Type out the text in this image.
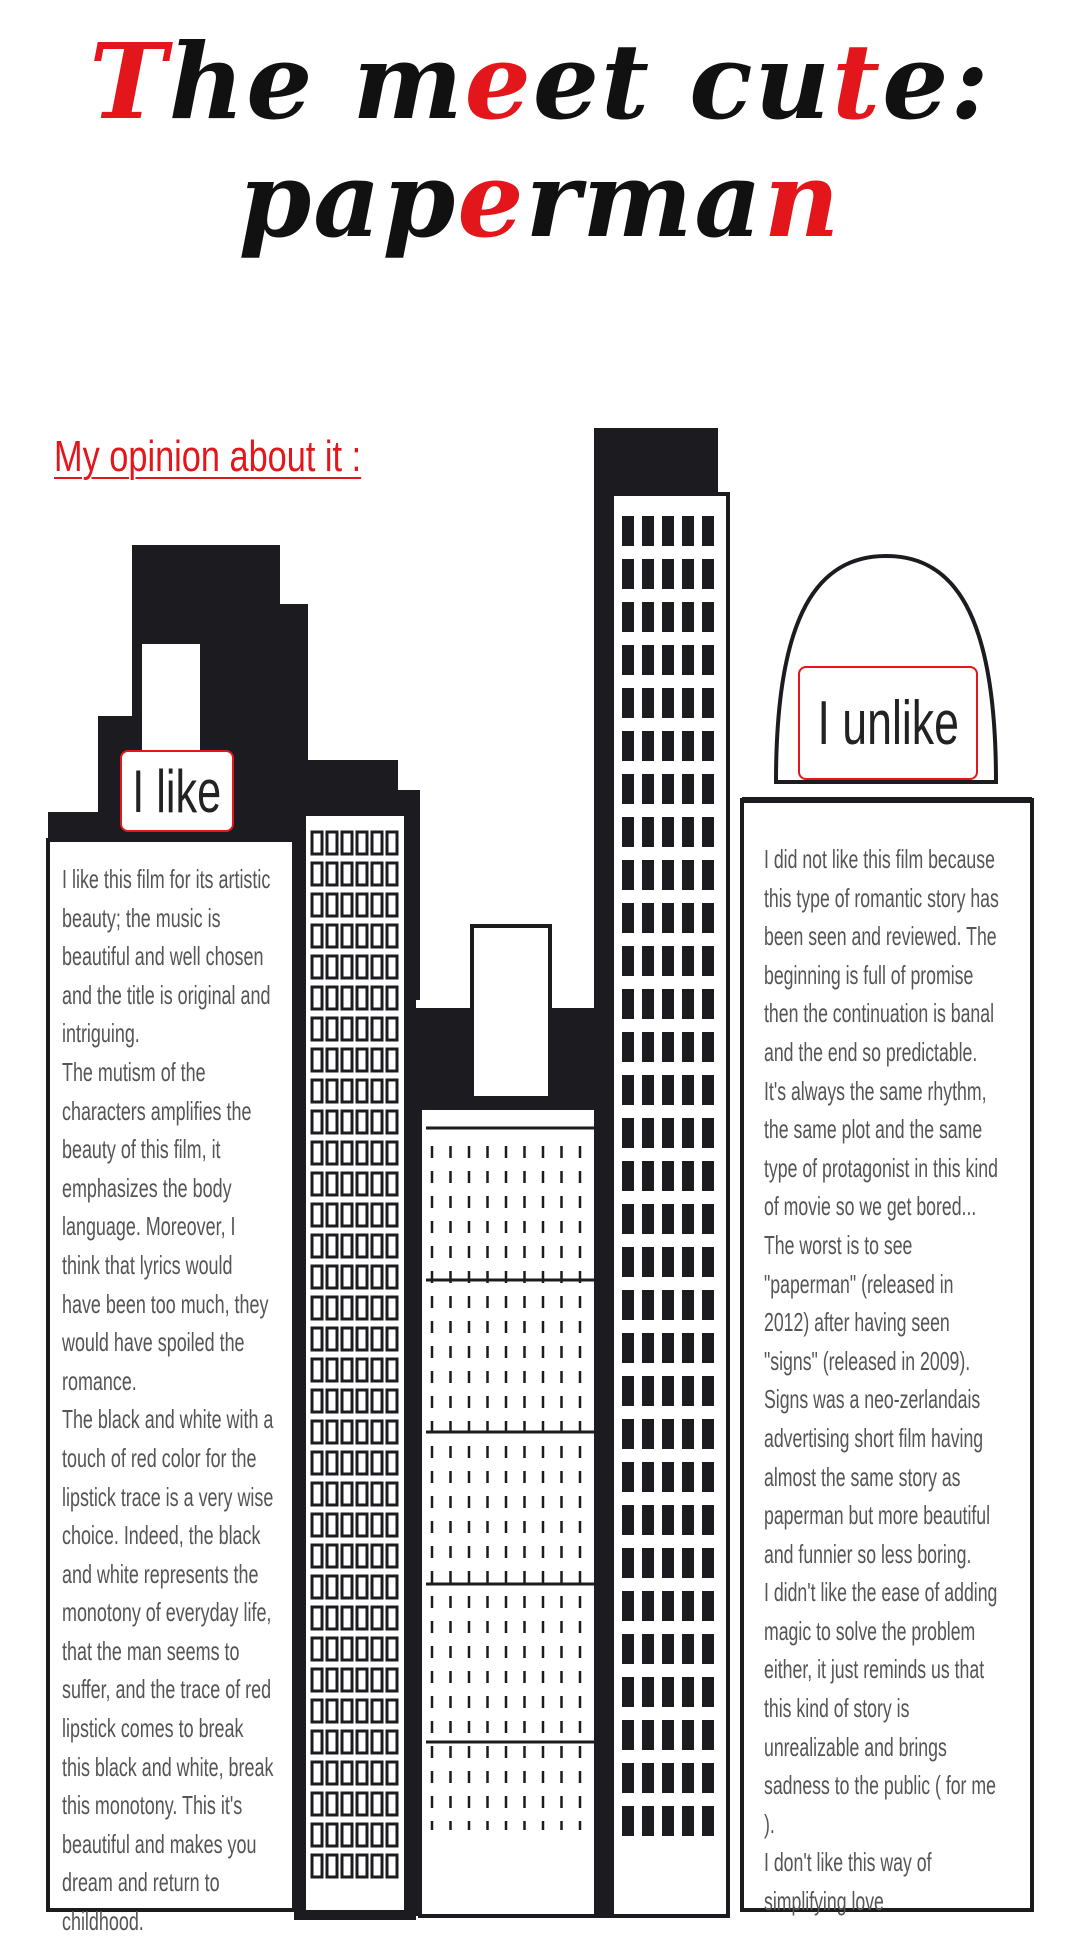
The meet cute:
paperman
My opinion about it :
I like
I unlike

I like this film for its artistic beauty; the music is beautiful and well chosen and the title is original and intriguing.

The mutism of the characters amplifies the beauty of this film, it emphasizes the body language. Moreover, I think that lyrics would have been too much, they would have spoiled the romance.

The black and white with a touch of red color for the lipstick trace is a very wise choice. Indeed, the black and white represents the monotony of everyday life, that the man seems to suffer, and the trace of red lipstick comes to break this black and white, break this monotony. This it's beautiful and makes you dream and return to childhood.

I did not like this film because this type of romantic story has been seen and reviewed. The beginning is full of promise then the continuation is banal and the end so predictable. It's always the same rhythm, the same plot and the same type of protagonist in this kind of movie so we get bored...

The worst is to see "paperman" (released in 2012) after having seen "signs" (released in 2009). Signs was a neo-zerlandais advertising short film having almost the same story as paperman but more beautiful and funnier so less boring.

I didn't like the ease of adding magic to solve the problem either, it just reminds us that this kind of story is unrealizable and brings sadness to the public ( for me ).

I don't like this way of simplifying love
